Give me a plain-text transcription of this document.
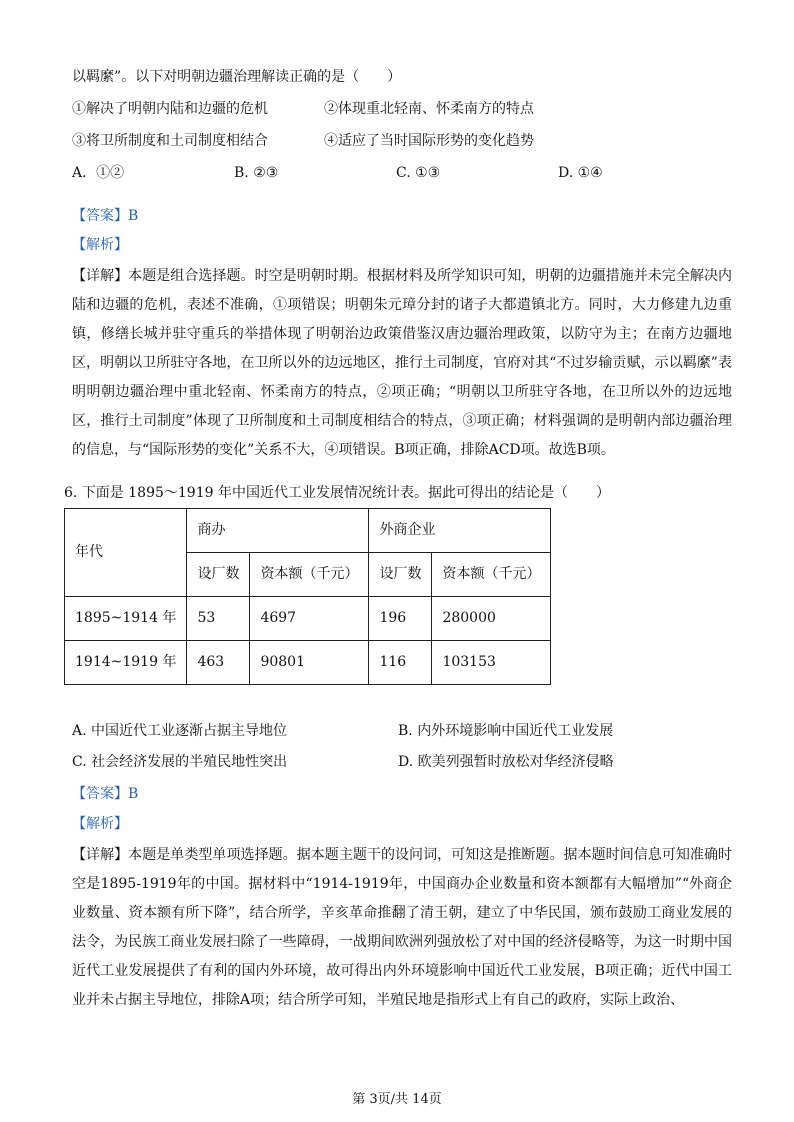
以羁縻”。以下对明朝边疆治理解读正确的是（　　）
①解决了明朝内陆和边疆的危机	②体现重北轻南、怀柔南方的特点
③将卫所制度和土司制度相结合	④适应了当时国际形势的变化趋势
A．①②	B. ②③	C. ①③	D. ①④
【答案】B
【解析】
【详解】本题是组合选择题。时空是明朝时期。根据材料及所学知识可知，明朝的边疆措施并未完全解决内陆和边疆的危机，表述不准确，①项错误；明朝朱元璋分封的诸子大都遣镇北方。同时，大力修建九边重镇，修缮长城并驻守重兵的举措体现了明朝治边政策借鉴汉唐边疆治理政策，以防守为主；在南方边疆地区，明朝以卫所驻守各地，在卫所以外的边远地区，推行土司制度，官府对其“不过岁输贡赋，示以羁縻”表明明朝边疆治理中重北轻南、怀柔南方的特点，②项正确；“明朝以卫所驻守各地，在卫所以外的边远地区，推行土司制度”体现了卫所制度和土司制度相结合的特点，③项正确；材料强调的是明朝内部边疆治理的信息，与“国际形势的变化”关系不大，④项错误。B项正确，排除ACD项。故选B项。
6. 下面是 1895～1919 年中国近代工业发展情况统计表。据此可得出的结论是（　　）
年代	商办		外商企业	
	设厂数	资本额（千元）	设厂数	资本额（千元）
1895~1914 年	53	4697	196	280000
1914~1919 年	463	90801	116	103153
A. 中国近代工业逐渐占据主导地位	B. 内外环境影响中国近代工业发展
C. 社会经济发展的半殖民地性突出	D. 欧美列强暂时放松对华经济侵略
【答案】B
【解析】
【详解】本题是单类型单项选择题。据本题主题干的设问词，可知这是推断题。据本题时间信息可知准确时空是1895-1919年的中国。据材料中“1914-1919年，中国商办企业数量和资本额都有大幅增加”“外商企业数量、资本额有所下降”，结合所学，辛亥革命推翻了清王朝，建立了中华民国，颁布鼓励工商业发展的法令，为民族工商业发展扫除了一些障碍，一战期间欧洲列强放松了对中国的经济侵略等，为这一时期中国近代工业发展提供了有利的国内外环境，故可得出内外环境影响中国近代工业发展，B项正确；近代中国工业并未占据主导地位，排除A项；结合所学可知，半殖民地是指形式上有自己的政府，实际上政治、
第 3页/共 14页
